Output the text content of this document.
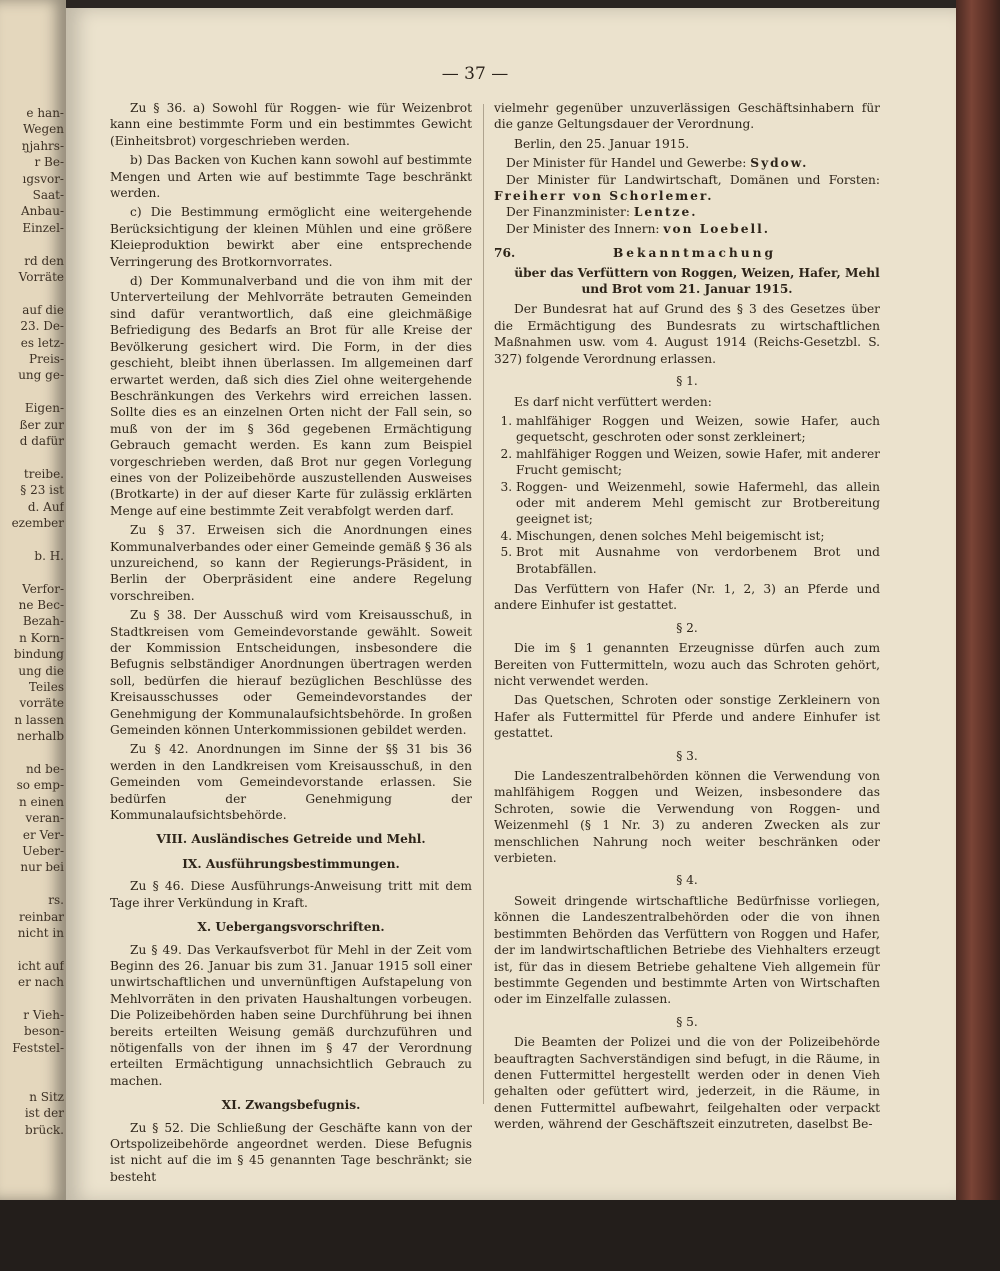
e han-
Wegen
ŋjahrs-
r Be-
ıgsvor-
Saat-
Anbau-
Einzel-
rd den
Vorräte
auf die
23. De-
es letz-
Preis-
ung ge-
Eigen-
ßer zur
d dafür
treibe.
§ 23 ist
d. Auf
ezember
b. H.
Verfor-
ne Bec-
Bezah-
n Korn-
bindung
ung die
Teiles
vorräte
n lassen
nerhalb
nd be-
so emp-
n einen
veran-
er Ver-
Ueber-
nur bei
rs.
reinbar
nicht in
icht auf
er nach
r Vieh-
beson-
Feststel-
n Sitz
ist der
brück.
— 37 —

Zu § 36. a) Sowohl für Roggen- wie für Weizenbrot kann eine bestimmte Form und ein bestimmtes Gewicht (Einheitsbrot) vorgeschrieben werden.

b) Das Backen von Kuchen kann sowohl auf bestimmte Mengen und Arten wie auf bestimmte Tage beschränkt werden.

c) Die Bestimmung ermöglicht eine weitergehende Berücksichtigung der kleinen Mühlen und eine größere Kleieproduktion bewirkt aber eine entsprechende Verringerung des Brotkornvorrates.

d) Der Kommunalverband und die von ihm mit der Unterverteilung der Mehlvorräte betrauten Gemeinden sind dafür verantwortlich, daß eine gleichmäßige Befriedigung des Bedarfs an Brot für alle Kreise der Bevölkerung gesichert wird. Die Form, in der dies geschieht, bleibt ihnen überlassen. Im allgemeinen darf erwartet werden, daß sich dies Ziel ohne weitergehende Beschränkungen des Verkehrs wird erreichen lassen. Sollte dies es an einzelnen Orten nicht der Fall sein, so muß von der im § 36d gegebenen Ermächtigung Gebrauch gemacht werden. Es kann zum Beispiel vorgeschrieben werden, daß Brot nur gegen Vorlegung eines von der Polizeibehörde auszustellenden Ausweises (Brotkarte) in der auf dieser Karte für zulässig erklärten Menge auf eine bestimmte Zeit verabfolgt werden darf.

Zu § 37. Erweisen sich die Anordnungen eines Kommunalverbandes oder einer Gemeinde gemäß § 36 als unzureichend, so kann der Regierungs-Präsident, in Berlin der Oberpräsident eine andere Regelung vorschreiben.

Zu § 38. Der Ausschuß wird vom Kreisausschuß, in Stadtkreisen vom Gemeindevorstande gewählt. Soweit der Kommission Entscheidungen, insbesondere die Befugnis selbständiger Anordnungen übertragen werden soll, bedürfen die hierauf bezüglichen Beschlüsse des Kreisausschusses oder Gemeindevorstandes der Genehmigung der Kommunalaufsichtsbehörde. In großen Gemeinden können Unterkommissionen gebildet werden.

Zu § 42. Anordnungen im Sinne der §§ 31 bis 36 werden in den Landkreisen vom Kreisausschuß, in den Gemeinden vom Gemeindevorstande erlassen. Sie bedürfen der Genehmigung der Kommunalaufsichtsbehörde.

VIII. Ausländisches Getreide und Mehl.

IX. Ausführungsbestimmungen.

Zu § 46. Diese Ausführungs-Anweisung tritt mit dem Tage ihrer Verkündung in Kraft.

X. Uebergangsvorschriften.

Zu § 49. Das Verkaufsverbot für Mehl in der Zeit vom Beginn des 26. Januar bis zum 31. Januar 1915 soll einer unwirtschaftlichen und unvernünftigen Aufstapelung von Mehlvorräten in den privaten Haushaltungen vorbeugen. Die Polizeibehörden haben seine Durchführung bei ihnen bereits erteilten Weisung gemäß durchzuführen und nötigenfalls von der ihnen im § 47 der Verordnung erteilten Ermächtigung unnachsichtlich Gebrauch zu machen.

XI. Zwangsbefugnis.

Zu § 52. Die Schließung der Geschäfte kann von der Ortspolizeibehörde angeordnet werden. Diese Befugnis ist nicht auf die im § 45 genannten Tage beschränkt; sie besteht

vielmehr gegenüber unzuverlässigen Geschäftsinhabern für die ganze Geltungsdauer der Verordnung.

Berlin, den 25. Januar 1915.

Der Minister für Handel und Gewerbe: Sydow.

Der Minister für Landwirtschaft, Domänen und Forsten: Freiherr von Schorlemer.

Der Finanzminister: Lentze.

Der Minister des Innern: von Loebell.

76.	Bekanntmachung

über das Verfüttern von Roggen, Weizen, Hafer, Mehl und Brot vom 21. Januar 1915.

Der Bundesrat hat auf Grund des § 3 des Gesetzes über die Ermächtigung des Bundesrats zu wirtschaftlichen Maßnahmen usw. vom 4. August 1914 (Reichs-Gesetzbl. S. 327) folgende Verordnung erlassen.

§ 1.

Es darf nicht verfüttert werden:

1. mahlfähiger Roggen und Weizen, sowie Hafer, auch gequetscht, geschroten oder sonst zerkleinert;
2. mahlfähiger Roggen und Weizen, sowie Hafer, mit anderer Frucht gemischt;
3. Roggen- und Weizenmehl, sowie Hafermehl, das allein oder mit anderem Mehl gemischt zur Brotbereitung geeignet ist;
4. Mischungen, denen solches Mehl beigemischt ist;
5. Brot mit Ausnahme von verdorbenem Brot und Brotabfällen.

Das Verfüttern von Hafer (Nr. 1, 2, 3) an Pferde und andere Einhufer ist gestattet.

§ 2.

Die im § 1 genannten Erzeugnisse dürfen auch zum Bereiten von Futtermitteln, wozu auch das Schroten gehört, nicht verwendet werden.

Das Quetschen, Schroten oder sonstige Zerkleinern von Hafer als Futtermittel für Pferde und andere Einhufer ist gestattet.

§ 3.

Die Landeszentralbehörden können die Verwendung von mahlfähigem Roggen und Weizen, insbesondere das Schroten, sowie die Verwendung von Roggen- und Weizenmehl (§ 1 Nr. 3) zu anderen Zwecken als zur menschlichen Nahrung noch weiter beschränken oder verbieten.

§ 4.

Soweit dringende wirtschaftliche Bedürfnisse vorliegen, können die Landeszentralbehörden oder die von ihnen bestimmten Behörden das Verfüttern von Roggen und Hafer, der im landwirtschaftlichen Betriebe des Viehhalters erzeugt ist, für das in diesem Betriebe gehaltene Vieh allgemein für bestimmte Gegenden und bestimmte Arten von Wirtschaften oder im Einzelfalle zulassen.

§ 5.

Die Beamten der Polizei und die von der Polizeibehörde beauftragten Sachverständigen sind befugt, in die Räume, in denen Futtermittel hergestellt werden oder in denen Vieh gehalten oder gefüttert wird, jederzeit, in die Räume, in denen Futtermittel aufbewahrt, feilgehalten oder verpackt werden, während der Geschäftszeit einzutreten, daselbst Be-
